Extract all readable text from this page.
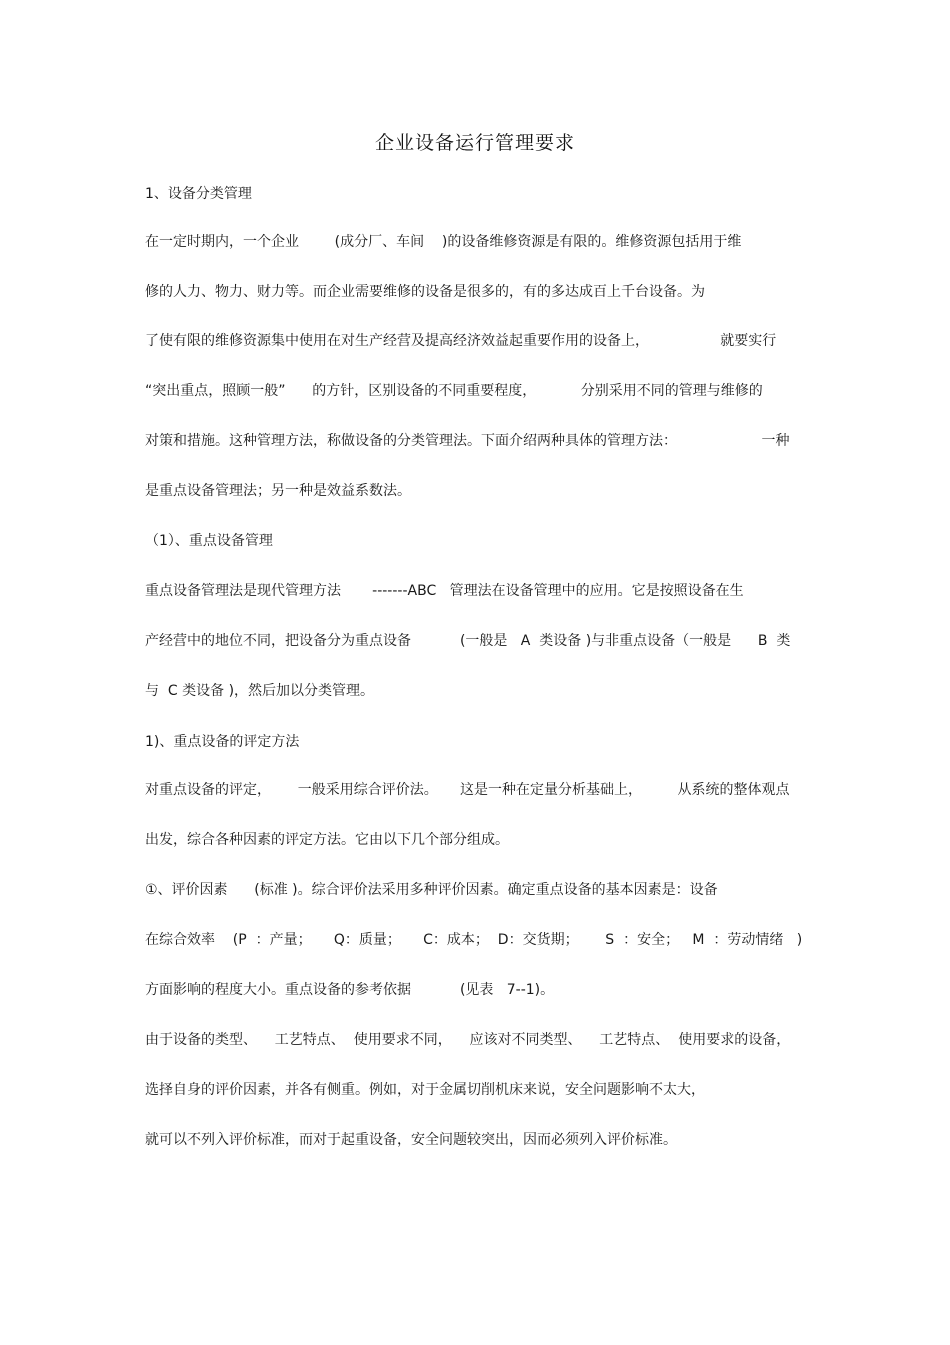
企业设备运行管理要求
1、设备分类管理
在一定时期内，一个企业        (成分厂、车间    )的设备维修资源是有限的。维修资源包括用于维
修的人力、物力、财力等。而企业需要维修的设备是很多的，有的多达成百上千台设备。为
了使有限的维修资源集中使用在对生产经营及提高经济效益起重要作用的设备上，                就要实行
“突出重点，照顾一般”      的方针，区别设备的不同重要程度，          分别采用不同的管理与维修的
对策和措施。这种管理方法，称做设备的分类管理法。下面介绍两种具体的管理方法：                   一种
是重点设备管理法；另一种是效益系数法。
（1）、重点设备管理
重点设备管理法是现代管理方法       -------ABC   管理法在设备管理中的应用。它是按照设备在生
产经营中的地位不同，把设备分为重点设备           (一般是   A  类设备 )与非重点设备（一般是      B  类
与  C 类设备 )，然后加以分类管理。
1)、重点设备的评定方法
对重点设备的评定，      一般采用综合评价法。     这是一种在定量分析基础上，        从系统的整体观点
出发，综合各种因素的评定方法。它由以下几个部分组成。
①、评价因素      (标准 )。综合评价法采用多种评价因素。确定重点设备的基本因素是：设备
在综合效率    (P  ：产量；     Q：质量；     C：成本；  D：交货期；      S  ：安全；   M  ：劳动情绪   )
方面影响的程度大小。重点设备的参考依据           (见表   7--1)。
由于设备的类型、    工艺特点、  使用要求不同，    应该对不同类型、    工艺特点、  使用要求的设备，
选择自身的评价因素，并各有侧重。例如，对于金属切削机床来说，安全问题影响不太大，
就可以不列入评价标准，而对于起重设备，安全问题较突出，因而必须列入评价标准。
